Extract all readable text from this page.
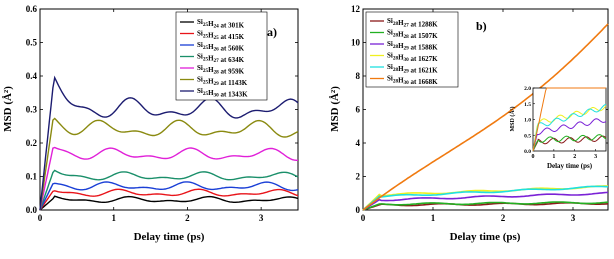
0	1	2	3
0.0
0.1
0.2
0.3
0.4
0.5
0.6
a)
Delay time (ps)
MSD (Å²)
$Si_{25}H_{24}$ at 301K
$Si_{25}H_{25}$ at 415K
$Si_{25}H_{26}$ at 560K
$Si_{25}H_{27}$ at 634K
$Si_{25}H_{28}$ at 959K
$Si_{25}H_{29}$ at 1143K
$Si_{25}H_{30}$ at 1343K
0	1	2	3
0
2
4
6
8
10
12
b)
Delay time (ps)
MSD (Å²)
$Si_{28}H_{27}$ at 1288K
$Si_{28}H_{28}$ at 1507K
$Si_{28}H_{29}$ at 1588K
$Si_{28}H_{30}$ at 1627K
$Si_{28}H_{29}$ at 1621K
$Si_{28}H_{30}$ at 1668K
0	1	2	3
0.0
0.5
1.0
1.5
2.0
Delay time (ps)
MSD (Å²)
